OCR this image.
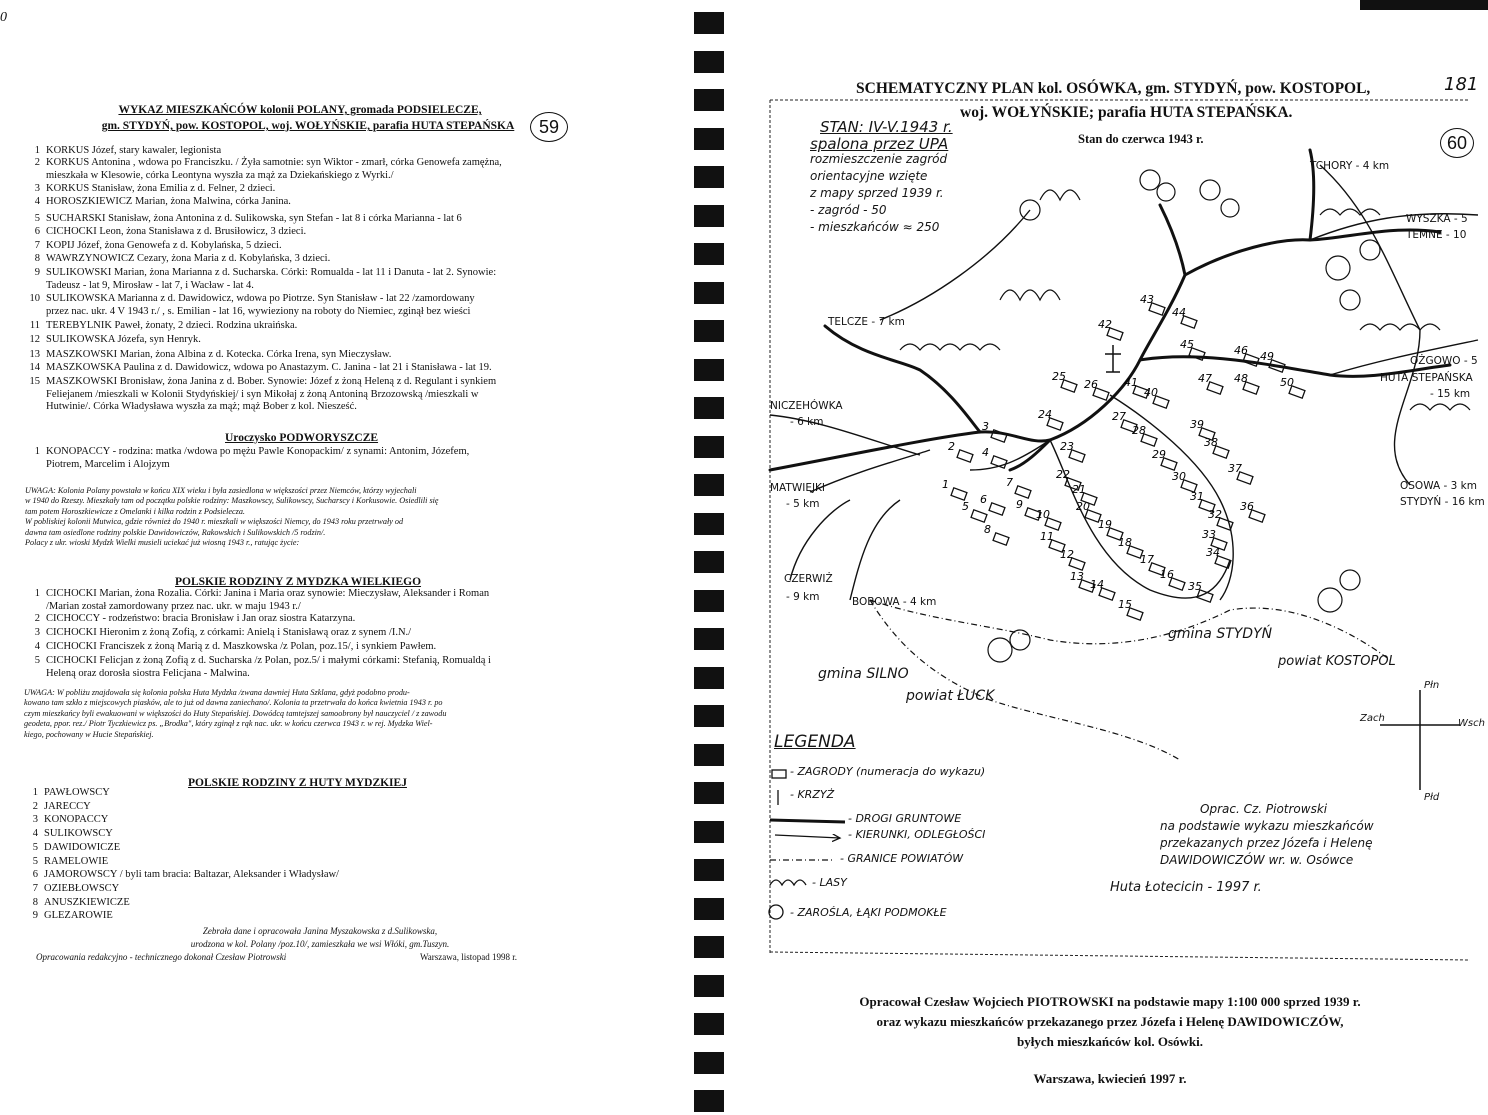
0
WYKAZ MIESZKAŃCÓW kolonii POLANY, gromada PODSIELECZE,
gm. STYDYŃ, pow. KOSTOPOL, woj. WOŁYŃSKIE, parafia HUTA STEPAŃSKA	59
1 KORKUS Józef, stary kawaler, legionista
2 KORKUS Antonina , wdowa po Franciszku. / Żyła samotnie: syn Wiktor - zmarł, córka Genowefa zamężna,
mieszkała w Klesowie, córka Leontyna wyszła za mąż za Dziekańskiego z Wyrki./
3 KORKUS Stanisław, żona Emilia z d. Felner, 2 dzieci.
4 HOROSZKIEWICZ Marian, żona Malwina, córka Janina.
5 SUCHARSKI Stanisław, żona Antonina z d. Sulikowska, syn Stefan - lat 8 i córka Marianna - lat 6
6 CICHOCKI Leon, żona Stanisława z d. Brusiłowicz, 3 dzieci.
7 KOPIJ Józef, żona Genowefa z d. Kobylańska, 5 dzieci.
8 WAWRZYNOWICZ Cezary, żona Maria z d. Kobylańska, 3 dzieci.
9 SULIKOWSKI Marian, żona Marianna z d. Sucharska. Córki: Romualda - lat 11 i Danuta - lat 2. Synowie:
Tadeusz - lat 9, Mirosław - lat 7, i Wacław - lat 4.
10 SULIKOWSKA Marianna z d. Dawidowicz, wdowa po Piotrze. Syn Stanisław - lat 22 /zamordowany
przez nac. ukr. 4 V 1943 r./ , s. Emilian - lat 16, wywieziony na roboty do Niemiec, zginął bez wieści
11 TEREBYLNIK Paweł, żonaty, 2 dzieci. Rodzina ukraińska.
12 SULIKOWSKA Józefa, syn Henryk.
13 MASZKOWSKI Marian, żona Albina z d. Kotecka. Córka Irena, syn Mieczysław.
14 MASZKOWSKA Paulina z d. Dawidowicz, wdowa po Anastazym. C. Janina - lat 21 i Stanisława - lat 19.
15 MASZKOWSKI Bronisław, żona Janina z d. Bober. Synowie: Józef z żoną Heleną z d. Regulant i synkiem
Feliejanem /mieszkali w Kolonii Stydyńskiej/ i syn Mikołaj z żoną Antoniną Brzozowską /mieszkali w
Hutwinie/. Córka Władysława wyszła za mąż; mąż Bober z kol. Niesześć.
Uroczysko PODWORYSZCZE
1 KONOPACCY - rodzina: matka /wdowa po mężu Pawle Konopackim/ z synami: Antonim, Józefem,
Piotrem, Marcelim i Alojzym
UWAGA: Kolonia Polany powstała w końcu XIX wieku i była zasiedlona w większości przez Niemców, którzy wyjechali
w 1940 do Rzeszy. Mieszkały tam od początku polskie rodziny: Maszkowscy, Sulikowscy, Sucharscy i Korkusowie. Osiedlili się
tam potem Horoszkiewicze z Omelanki i kilka rodzin z Podsielecza.
W pobliskiej kolonii Mutwica, gdzie również do 1940 r. mieszkali w większości Niemcy, do 1943 roku przetrwały od
dawna tam osiedlone rodziny polskie Dawidowiczów, Rakowskich i Sulikowskich /5 rodzin/.
Polacy z ukr. wioski Mydzk Wielki musieli uciekać już wiosną 1943 r., ratując życie:
POLSKIE RODZINY Z MYDZKA WIELKIEGO
1 CICHOCKI Marian, żona Rozalia. Córki: Janina i Maria oraz synowie: Mieczysław, Aleksander i Roman
/Marian został zamordowany przez nac. ukr. w maju 1943 r./
2 CICHOCCY - rodzeństwo: bracia Bronisław i Jan oraz siostra Katarzyna.
3 CICHOCKI Hieronim z żoną Zofią, z córkami: Anielą i Stanisławą oraz z synem /I.N./
4 CICHOCKI Franciszek z żoną Marią z d. Maszkowska /z Polan, poz.15/, i synkiem Pawłem.
5 CICHOCKI Felicjan z żoną Zofią z d. Sucharska /z Polan, poz.5/ i małymi córkami: Stefanią, Romualdą i
Heleną oraz dorosła siostra Felicjana - Malwina.
UWAGA: W pobliżu znajdowała się kolonia polska Huta Mydzka /zwana dawniej Huta Szklana, gdyż podobno produ-
kowano tam szkło z miejscowych piasków, ale to już od dawna zaniechano/. Kolonia ta przetrwała do końca kwietnia 1943 r. po
czym mieszkańcy byli ewakuowani w większości do Huty Stepańskiej. Dowódcą tamtejszej samoobrony był nauczyciel / z zawodu
geodeta, ppor. rez./ Piotr Tyczkiewicz ps. „Brodka", który zginął z rąk nac. ukr. w końcu czerwca 1943 r. w rej. Mydzka Wiel-
kiego, pochowany w Hucie Stepańskiej.
POLSKIE RODZINY Z HUTY MYDZKIEJ
1 PAWŁOWSCY
2 JARECCY
3 KONOPACCY
4 SULIKOWSCY
5 DAWIDOWICZE
5 RAMELOWIE
6 JAMOROWSCY / byli tam bracia: Baltazar, Aleksander i Władysław/
7 OZIEBŁOWSCY
8 ANUSZKIEWICZE
9 GLEZAROWIE
Zebrała dane i opracowała Janina Myszakowska z d.Sulikowska,
urodzona w kol. Polany /poz.10/, zamieszkała we wsi Włóki, gm.Tuszyn.
Opracowania redakcyjno - technicznego dokonał Czesław Piotrowski	Warszawa, listopad 1998 r.
SCHEMATYCZNY PLAN kol. OSÓWKA, gm. STYDYŃ, pow. KOSTOPOL,
woj. WOŁYŃSKIE; parafia HUTA STEPAŃSKA.
Stan do czerwca 1943 r.
181
60
1
2
3
4
5
6
7
8
9
10
11
12
13
14
15
16
17
18
19
20
21
22
23
24
25
26
27
28
29
30
31
32
33
34
35
36
37
38
39
40
41
42
43
44
45	46
47 48
49
50
STAN: IV-V.1943 r.
spalona przez UPA
rozmieszczenie zagród
orientacyjne wzięte
z mapy sprzed 1939 r.
- zagród - 50
- mieszkańców ≈ 250
TCHORY - 4 km
WYSZKA - 5
TEMNE - 10
TELCZE - 7 km
OŻGOWO - 5
HUTA STEPAŃSKA
- 15 km
NICZEHÓWKA
- 6 km
MATWIEJKI
- 5 km
OSOWA - 3 km
STYDYŃ - 16 km
CZERWIŻ
- 9 km	BOBOWA - 4 km
gmina STYDYŃ
powiat KOSTOPOL
gmina SILNO
powiat ŁUCK
Płn
Zach	Wsch
Płd
LEGENDA
- ZAGRODY (numeracja do wykazu)
- KRZYŻ
- DROGI GRUNTOWE
- KIERUNKI, ODLEGŁOŚCI
- GRANICE POWIATÓW
- LASY
- ZAROŚLA, ŁĄKI PODMOKŁE
Oprac. Cz. Piotrowski
na podstawie wykazu mieszkańców
przekazanych przez Józefa i Helenę
DAWIDOWICZÓW wr. w. Osówce
Huta Łotecicin - 1997 r.
Opracował Czesław Wojciech PIOTROWSKI na podstawie mapy 1:100 000 sprzed 1939 r.
oraz wykazu mieszkańców przekazanego przez Józefa i Helenę DAWIDOWICZÓW,
byłych mieszkańców kol. Osówki.
Warszawa, kwiecień 1997 r.
